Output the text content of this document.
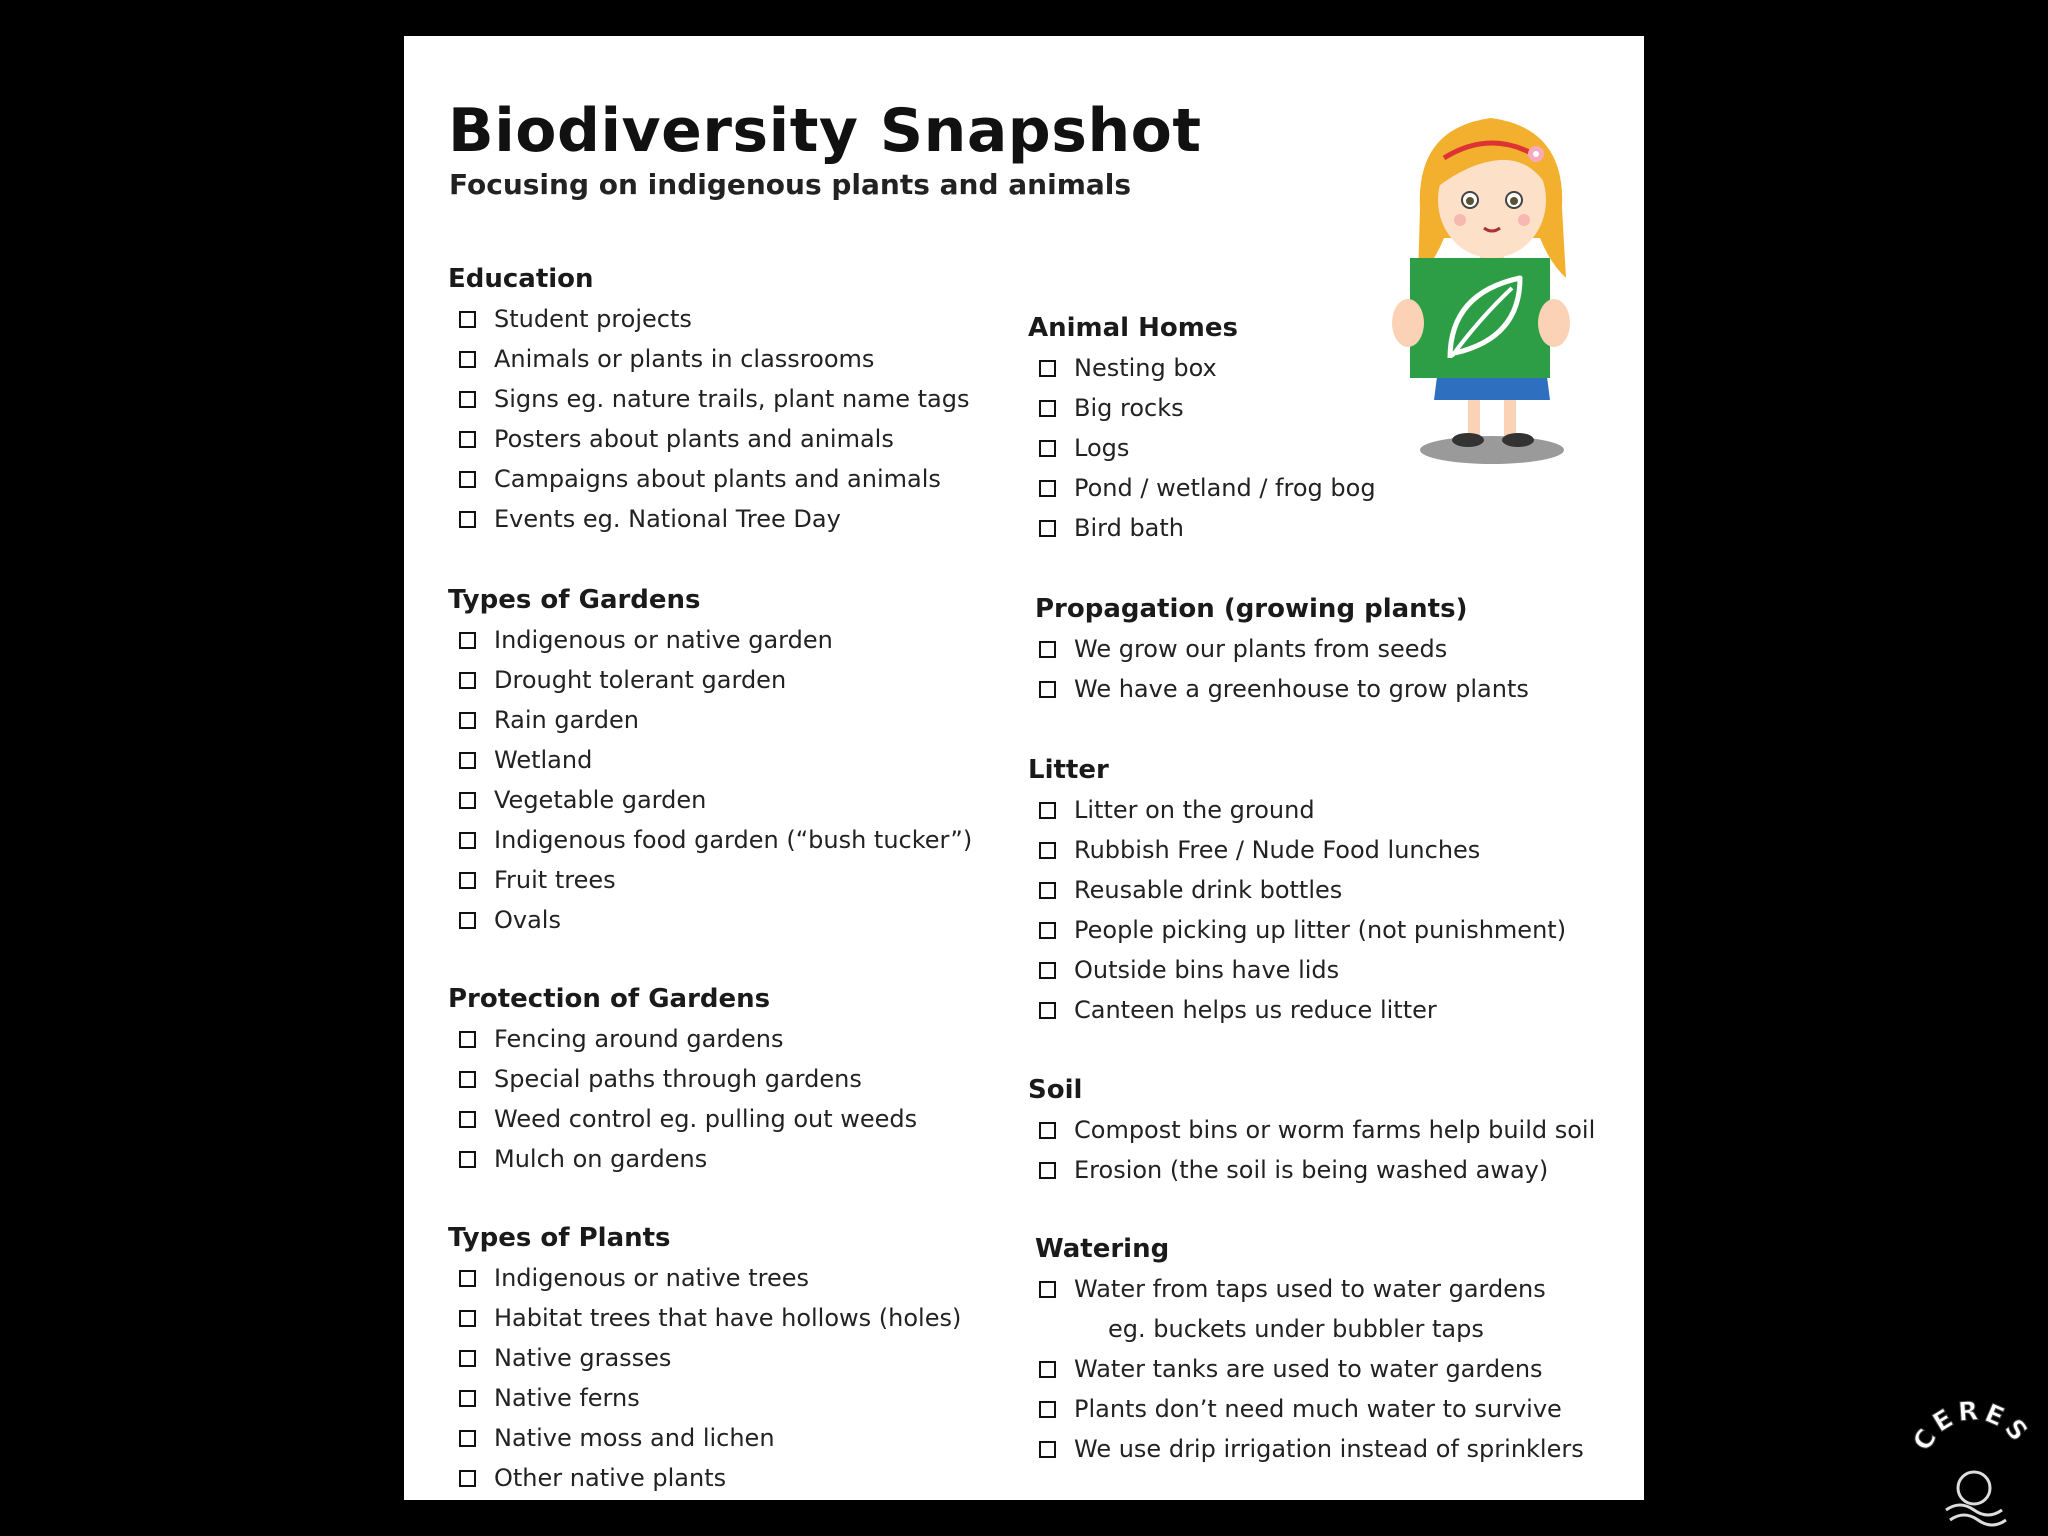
Biodiversity Snapshot
Focusing on indigenous plants and animals
Education
Student projects
Animals or plants in classrooms
Signs eg. nature trails, plant name tags
Posters about plants and animals
Campaigns about plants and animals
Events eg. National Tree Day
Types of Gardens
Indigenous or native garden
Drought tolerant garden
Rain garden
Wetland
Vegetable garden
Indigenous food garden (“bush tucker”)
Fruit trees
Ovals
Protection of Gardens
Fencing around gardens
Special paths through gardens
Weed control eg. pulling out weeds
Mulch on gardens
Types of Plants
Indigenous or native trees
Habitat trees that have hollows (holes)
Native grasses
Native ferns
Native moss and lichen
Other native plants
Animal Homes
Nesting box
Big rocks
Logs
Pond / wetland / frog bog
Bird bath
Propagation (growing plants)
We grow our plants from seeds
We have a greenhouse to grow plants
Litter
Litter on the ground
Rubbish Free / Nude Food lunches
Reusable drink bottles
People picking up litter (not punishment)
Outside bins have lids
Canteen helps us reduce litter
Soil
Compost bins or worm farms help build soil
Erosion (the soil is being washed away)
Watering
Water from taps used to water gardens
eg. buckets under bubbler taps
Water tanks are used to water gardens
Plants don’t need much water to survive
We use drip irrigation instead of sprinklers	CERES
